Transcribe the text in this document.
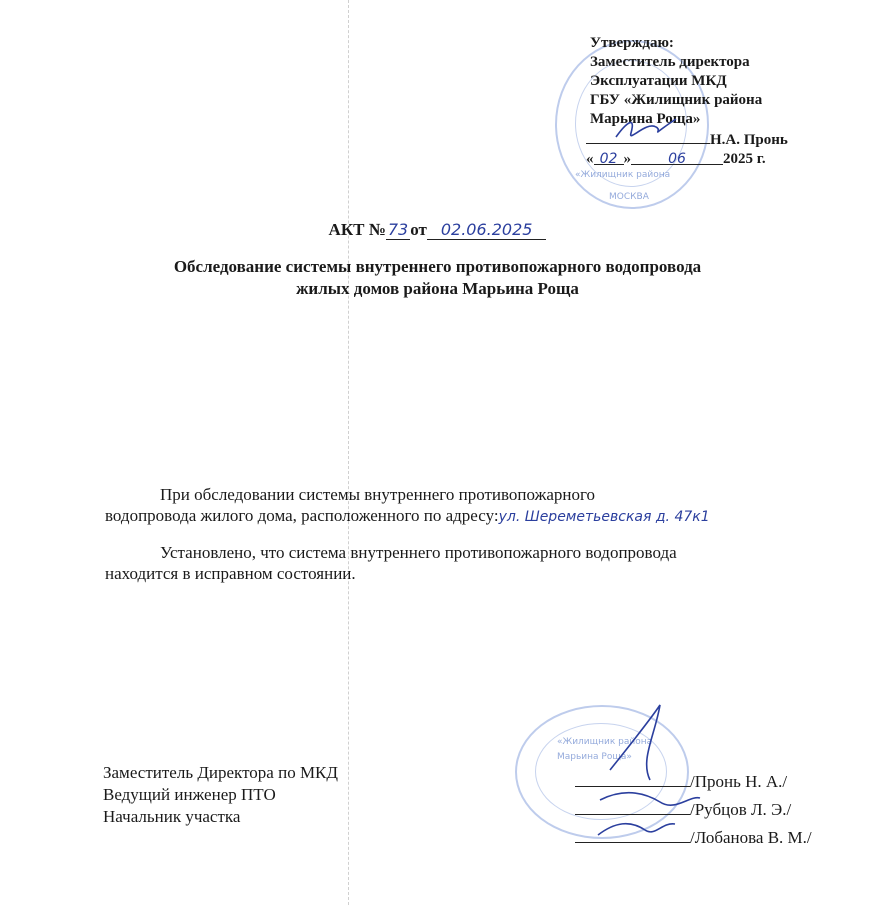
«Жилищник района
МОСКВА
Утверждаю:
Заместитель директора
Эксплуатации МКД
ГБУ «Жилищник района
Марьина Роща»
Н.А. Пронь
« 02 »	06 2025 г.
АКТ № 73 от 02.06.2025
Обследование системы внутреннего противопожарного водопровода
жилых домов района Марьина Роща

При обследовании системы внутреннего противопожарного

водопровода жилого дома, расположенного по адресу:ул. Шереметьевская д. 47к1

Установлено, что система внутреннего противопожарного водопровода

находится в исправном состоянии.

«Жилищник района
Марьина Роща»
Заместитель Директора по МКД
Ведущий инженер ПТО
Начальник участка
/Пронь Н. А./
/Рубцов Л. Э./
/Лобанова В. М./
